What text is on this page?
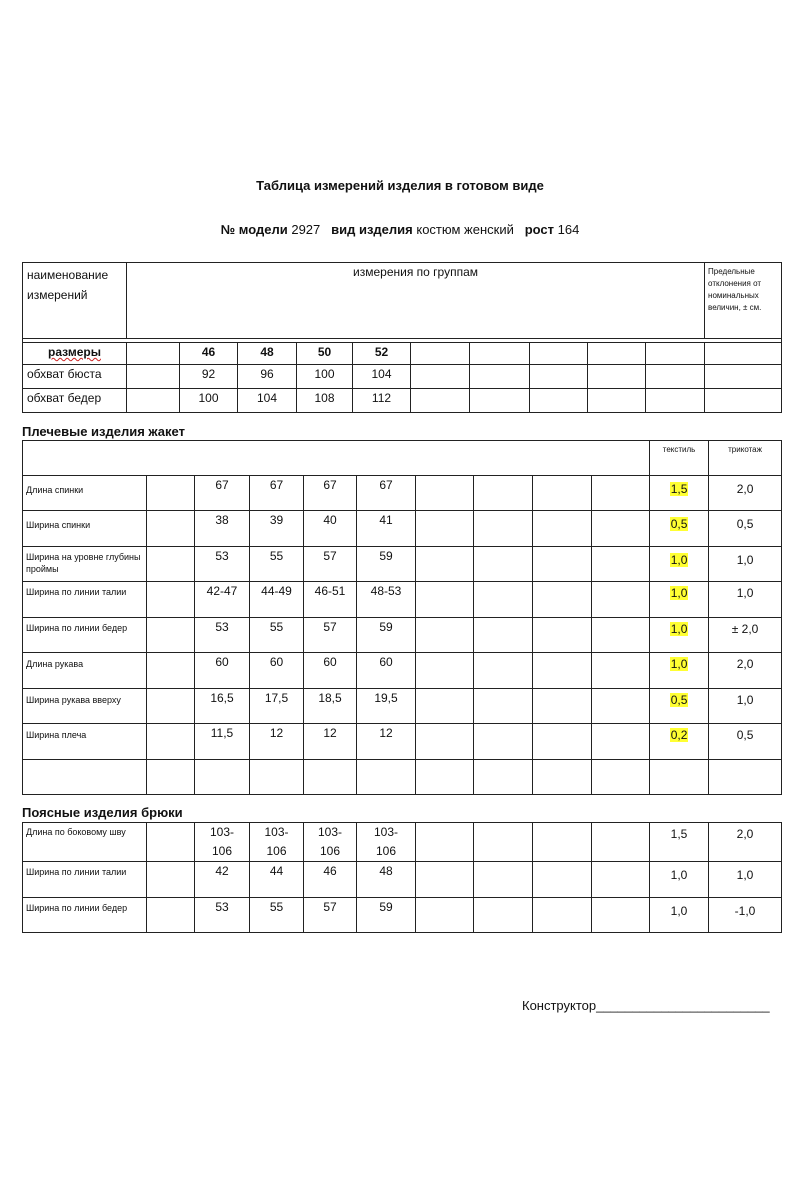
Таблица измерений изделия в готовом виде
№ модели 2927 вид изделия костюм женский рост 164
наименование измерений	измерения по группам										Предельные отклонения от номинальных величин, ± см.

размеры		46	48	50	52						
обхват бюста		92	96	100	104						
обхват бедер		100	104	108	112						
Плечевые изделия жакет
										текстиль	трикотаж
Длина спинки		67	67	67	67					1,5	2,0
Ширина спинки		38	39	40	41					0,5	0,5
Ширина на уровне глубины проймы		53	55	57	59					1,0	1,0
Ширина по линии талии		42-47	44-49	46-51	48-53					1,0	1,0
Ширина по линии бедер		53	55	57	59					1,0	± 2,0
Длина рукава		60	60	60	60					1,0	2,0
Ширина рукава вверху		16,5	17,5	18,5	19,5					0,5	1,0
Ширина плеча		11,5	12	12	12					0,2	0,5

Поясные изделия брюки
Длина по боковому шву		103-106	103-106	103-106	103-106					1,5	2,0
Ширина по линии талии		42	44	46	48					1,0	1,0
Ширина по линии бедер		53	55	57	59					1,0	-1,0
Конструктор________________________
